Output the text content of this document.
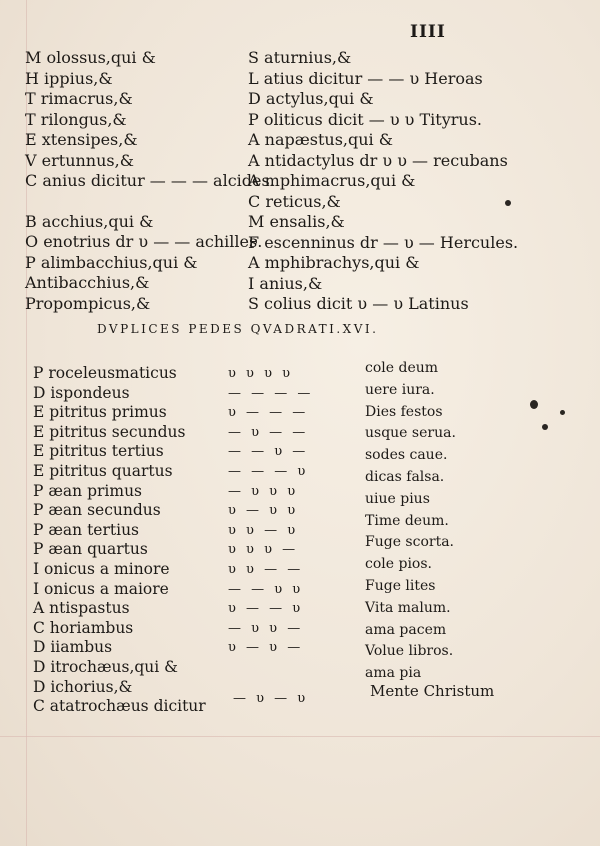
IIII
M olossus,qui &
H ippius,&
T rimacrus,&
T rilongus,&
E xtensipes,&
V ertunnus,&
C anius dicitur — — — alcides.
B acchius,qui &
O enotrius dr υ — — achilles.
P alimbacchius,qui &
Antibacchius,&
Propompicus,&
S aturnius,&
L atius dicitur — — υ Heroas
D actylus,qui &
P oliticus dicit — υ υ Tityrus.
A napæstus,qui &
A ntidactylus dr υ υ — recubans
A mphimacrus,qui &
C reticus,&
M ensalis,&
F escenninus dr — υ — Hercules.
A mphibrachys,qui &
I anius,&
S colius dicit υ — υ Latinus
DVPLICES PEDES QVADRATI.XVI.
P roceleusmaticus
D ispondeus
E pitritus primus
E pitritus secundus
E pitritus tertius
E pitritus quartus
P æan primus
P æan secundus
P æan tertius
P æan quartus
I onicus a minore
I onicus a maiore
A ntispastus
C horiambus
D iiambus
D itrochæus,qui &
D ichorius,&
C atatrochæus dicitur
υ υ υ υ
— — — —
υ — — —
— υ — —
— — υ —
— — — υ
— υ υ υ
υ — υ υ
υ υ — υ
υ υ υ —
υ υ — —
— — υ υ
υ — — υ
— υ υ —
υ — υ —
— υ — υ
cole deum
uere iura.
Dies festos
usque serua.
sodes caue.
dicas falsa.
uiue pius
Time deum.
Fuge scorta.
cole pios.
Fuge lites
Vita malum.
ama pacem
Volue libros.
ama pia
Mente Christum
